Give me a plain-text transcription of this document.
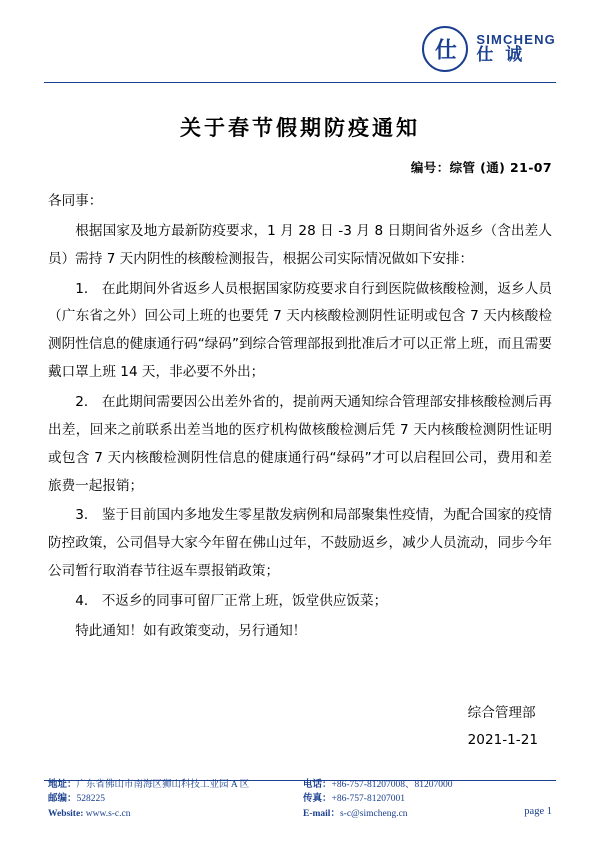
仕	SIMCHENG
仕 诚
关于春节假期防疫通知
编号：综管 (通) 21-07

各同事：

根据国家及地方最新防疫要求，1 月 28 日 -3 月 8 日期间省外返乡（含出差人员）需持 7 天内阴性的核酸检测报告，根据公司实际情况做如下安排：

1． 在此期间外省返乡人员根据国家防疫要求自行到医院做核酸检测，返乡人员（广东省之外）回公司上班的也要凭 7 天内核酸检测阴性证明或包含 7 天内核酸检测阴性信息的健康通行码“绿码”到综合管理部报到批准后才可以正常上班，而且需要戴口罩上班 14 天，非必要不外出；

2． 在此期间需要因公出差外省的，提前两天通知综合管理部安排核酸检测后再出差，回来之前联系出差当地的医疗机构做核酸检测后凭 7 天内核酸检测阴性证明或包含 7 天内核酸检测阴性信息的健康通行码“绿码”才可以启程回公司，费用和差旅费一起报销；

3． 鉴于目前国内多地发生零星散发病例和局部聚集性疫情，为配合国家的疫情防控政策，公司倡导大家今年留在佛山过年，不鼓励返乡，减少人员流动，同步今年公司暂行取消春节往返车票报销政策；

4． 不返乡的同事可留厂正常上班，饭堂供应饭菜；

特此通知！如有政策变动，另行通知！

综合管理部
2021-1-21
地址：广东省佛山市南海区狮山科技工业园 A 区
邮编：528225
Website: www.s-c.cn
电话：+86-757-81207008、81207000
传真：+86-757-81207001
E-mail：s-c@simcheng.cn	page 1
